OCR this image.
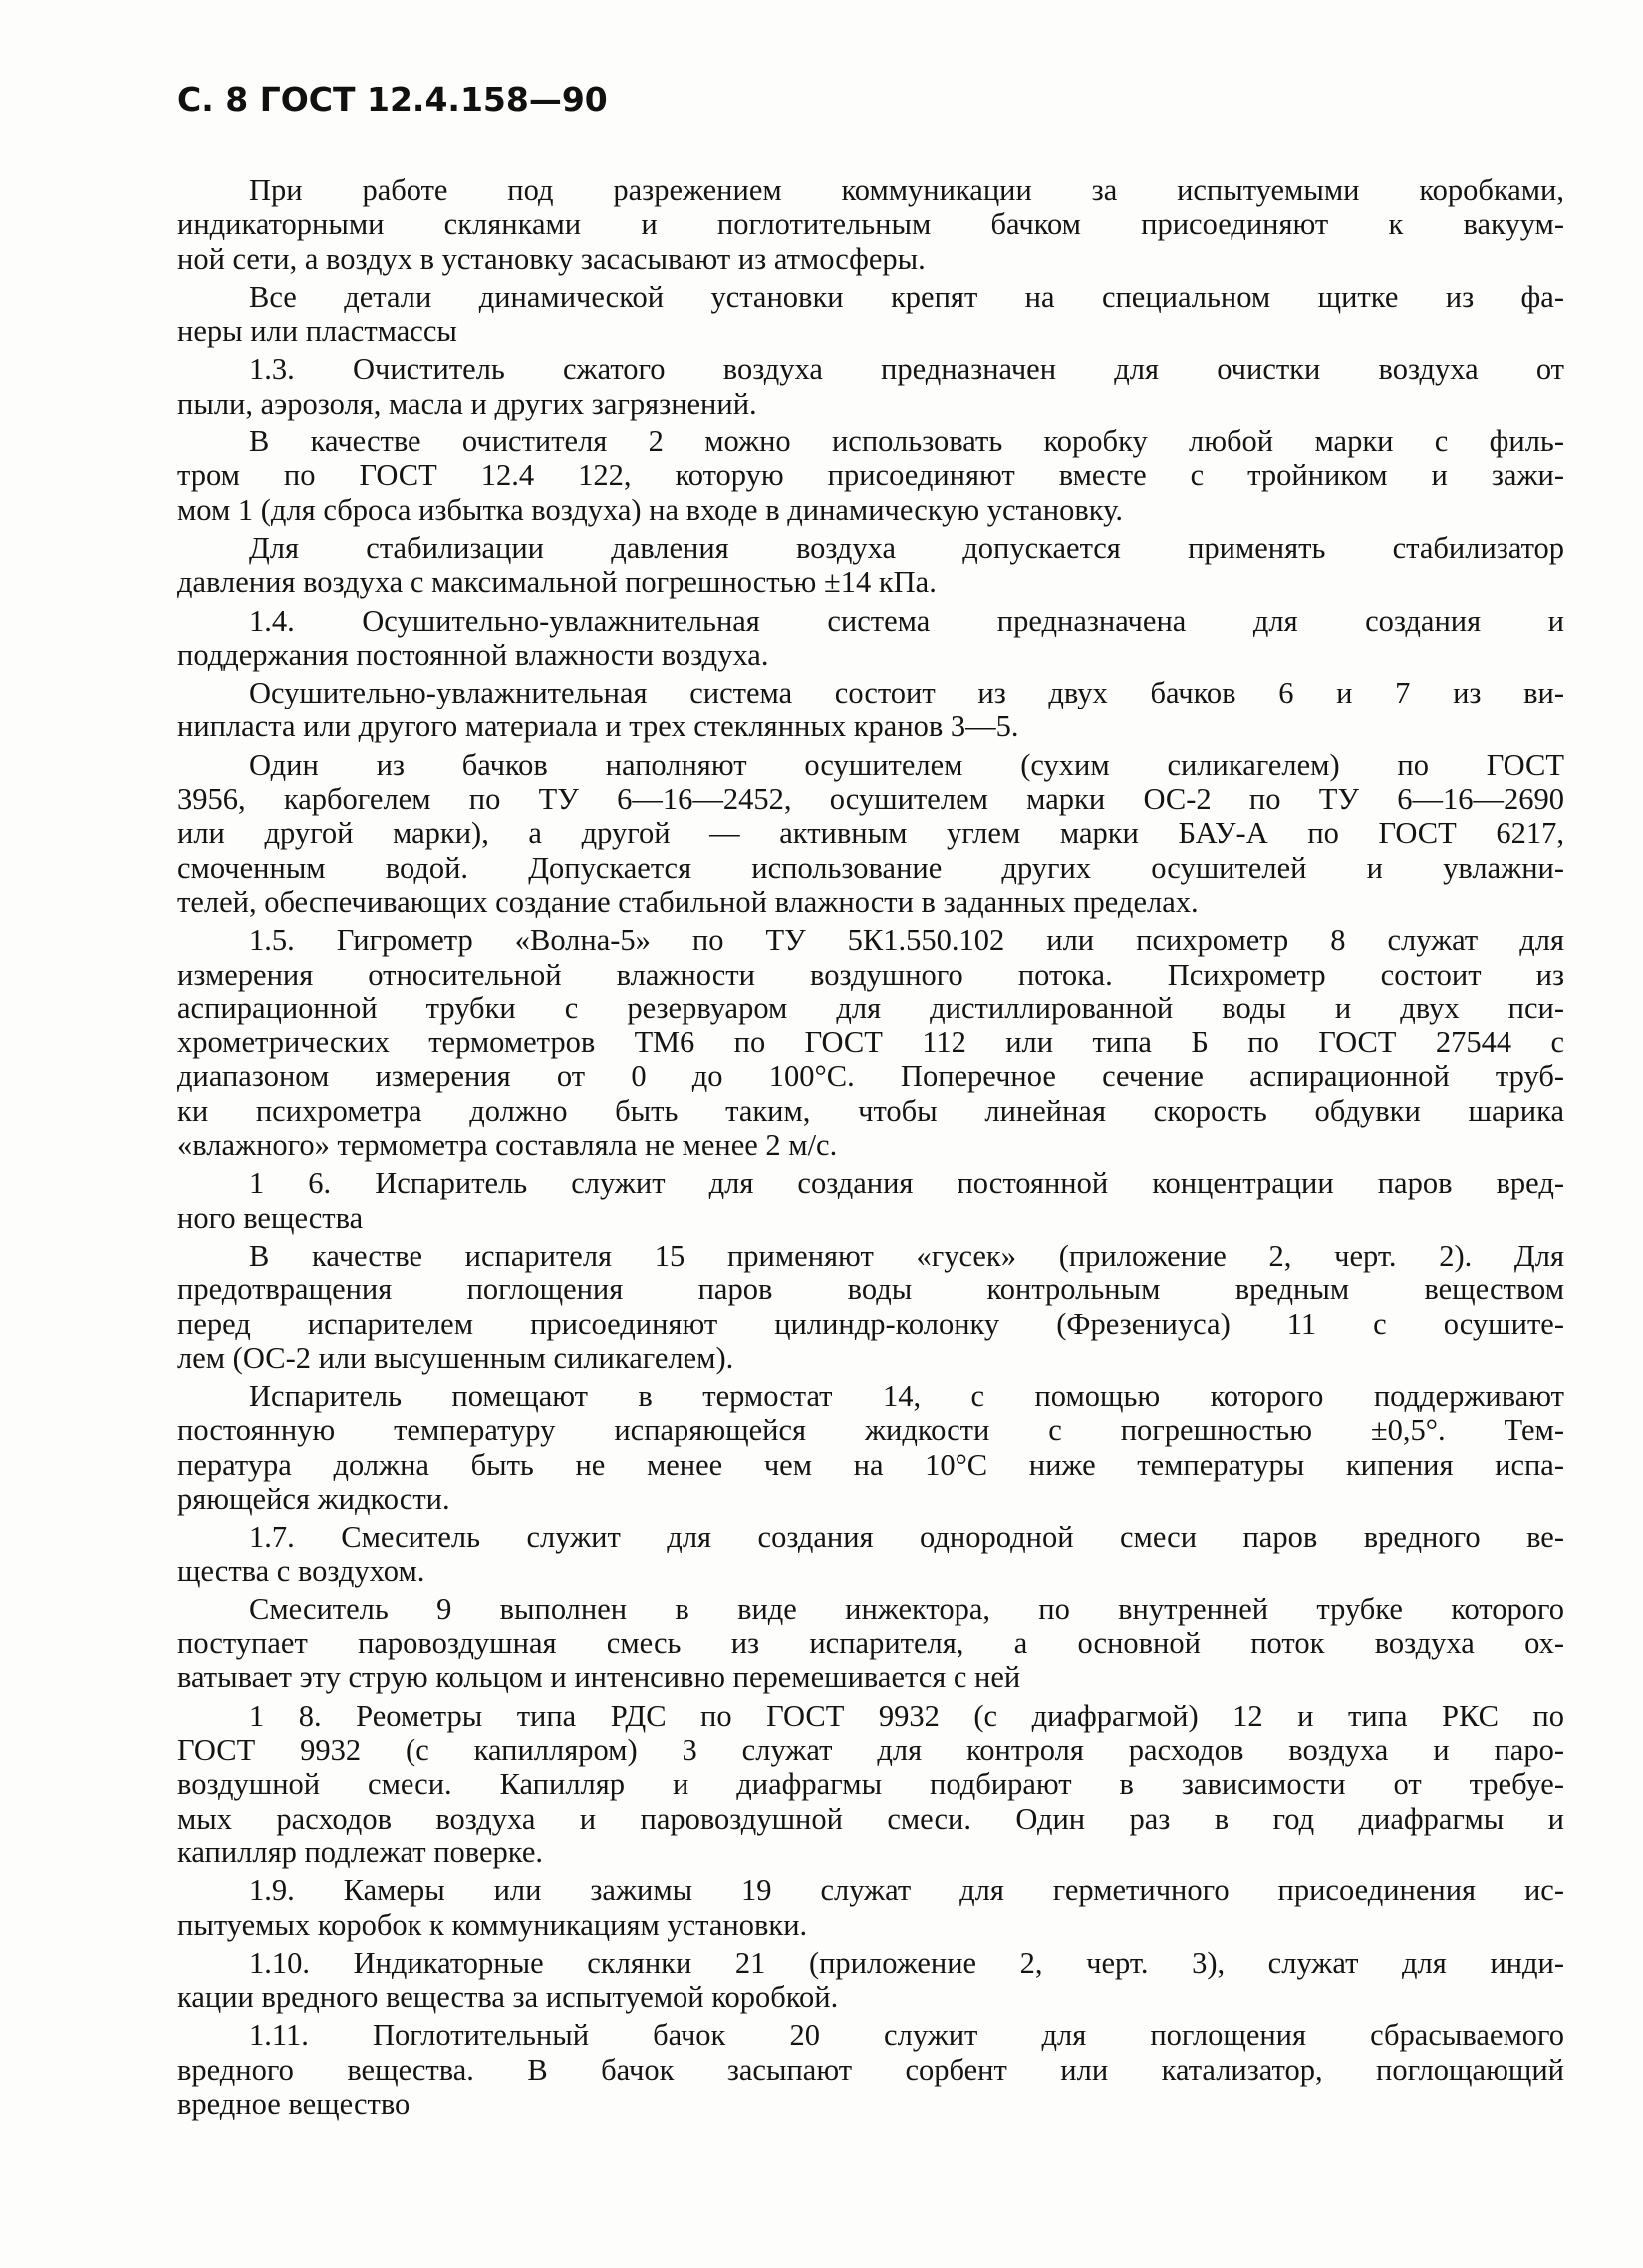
С. 8 ГОСТ 12.4.158—90
При работе под разрежением коммуникации за испытуемыми коробками,
индикаторными склянками и поглотительным бачком присоединяют к вакуум-
ной сети, а воздух в установку засасывают из атмосферы.
Все детали динамической установки крепят на специальном щитке из фа-
неры или пластмассы
1.3. Очиститель сжатого воздуха предназначен для очистки воздуха от
пыли, аэрозоля, масла и других загрязнений.
В качестве очистителя 2 можно использовать коробку любой марки с филь-
тром по ГОСТ 12.4 122, которую присоединяют вместе с тройником и зажи-
мом 1 (для сброса избытка воздуха) на входе в динамическую установку.
Для стабилизации давления воздуха допускается применять стабилизатор
давления воздуха с максимальной погрешностью ±14 кПа.
1.4. Осушительно-увлажнительная система предназначена для создания и
поддержания постоянной влажности воздуха.
Осушительно-увлажнительная система состоит из двух бачков 6 и 7 из ви-
нипласта или другого материала и трех стеклянных кранов 3—5.
Один из бачков наполняют осушителем (сухим силикагелем) по ГОСТ
3956, карбогелем по ТУ 6—16—2452, осушителем марки ОС-2 по ТУ 6—16—2690
или другой марки), а другой — активным углем марки БАУ-А по ГОСТ 6217,
смоченным водой. Допускается использование других осушителей и увлажни-
телей, обеспечивающих создание стабильной влажности в заданных пределах.
1.5. Гигрометр «Волна-5» по ТУ 5К1.550.102 или психрометр 8 служат для
измерения относительной влажности воздушного потока. Психрометр состоит из
аспирационной трубки с резервуаром для дистиллированной воды и двух пси-
хрометрических термометров ТМ6 по ГОСТ 112 или типа Б по ГОСТ 27544 с
диапазоном измерения от 0 до 100°С. Поперечное сечение аспирационной труб-
ки психрометра должно быть таким, чтобы линейная скорость обдувки шарика
«влажного» термометра составляла не менее 2 м/с.
1 6. Испаритель служит для создания постоянной концентрации паров вред-
ного вещества
В качестве испарителя 15 применяют «гусек» (приложение 2, черт. 2). Для
предотвращения поглощения паров воды контрольным вредным веществом
перед испарителем присоединяют цилиндр-колонку (Фрезениуса) 11 с осушите-
лем (ОС-2 или высушенным силикагелем).
Испаритель помещают в термостат 14, с помощью которого поддерживают
постоянную температуру испаряющейся жидкости с погрешностью ±0,5°. Тем-
пература должна быть не менее чем на 10°С ниже температуры кипения испа-
ряющейся жидкости.
1.7. Смеситель служит для создания однородной смеси паров вредного ве-
щества с воздухом.
Смеситель 9 выполнен в виде инжектора, по внутренней трубке которого
поступает паровоздушная смесь из испарителя, а основной поток воздуха ох-
ватывает эту струю кольцом и интенсивно перемешивается с ней
1 8. Реометры типа РДС по ГОСТ 9932 (с диафрагмой) 12 и типа РКС по
ГОСТ 9932 (с капилляром) 3 служат для контроля расходов воздуха и паро-
воздушной смеси. Капилляр и диафрагмы подбирают в зависимости от требуе-
мых расходов воздуха и паровоздушной смеси. Один раз в год диафрагмы и
капилляр подлежат поверке.
1.9. Камеры или зажимы 19 служат для герметичного присоединения ис-
пытуемых коробок к коммуникациям установки.
1.10. Индикаторные склянки 21 (приложение 2, черт. 3), служат для инди-
кации вредного вещества за испытуемой коробкой.
1.11. Поглотительный бачок 20 служит для поглощения сбрасываемого
вредного вещества. В бачок засыпают сорбент или катализатор, поглощающий
вредное вещество
